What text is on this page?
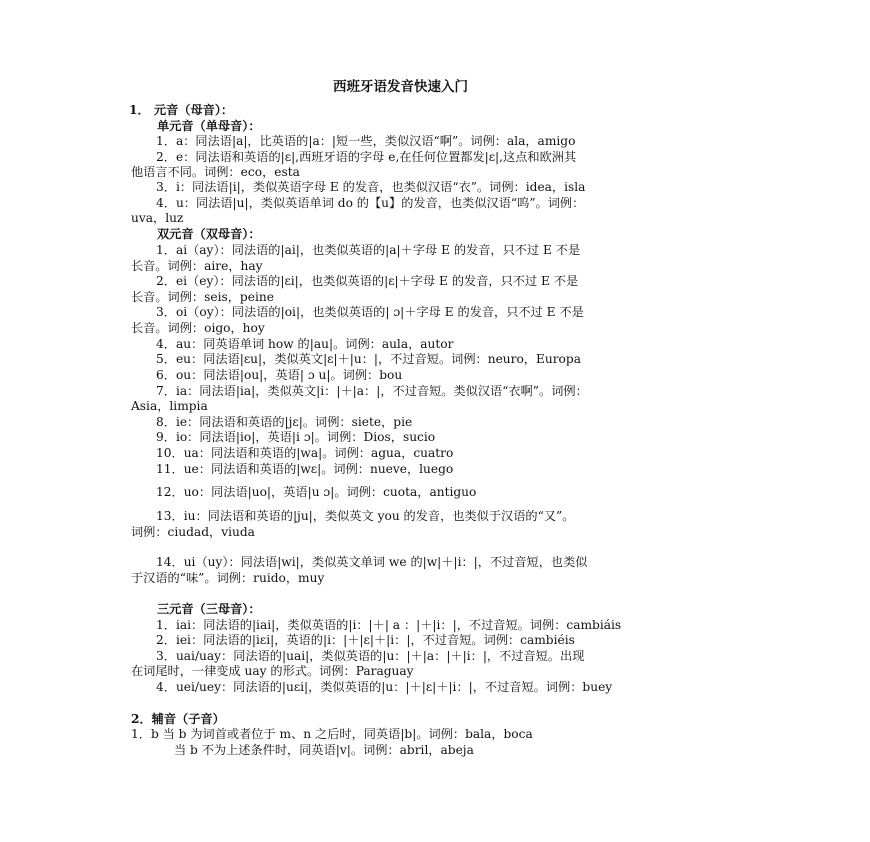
西班牙语发音快速入门
1． 元音（母音）：
单元音（单母音）：
1．a：同法语|a|，比英语的|a：|短一些，类似汉语“啊”。词例：ala，amigo
2．e：同法语和英语的|ε|,西班牙语的字母 e,在任何位置都发|ε|,这点和欧洲其
他语言不同。词例：eco，esta
3．i：同法语|i|，类似英语字母 E 的发音，也类似汉语“衣”。词例：idea，isla
4．u：同法语|u|，类似英语单词 do 的【u】的发音，也类似汉语“呜”。词例：
uva，luz
双元音（双母音）：
1．ai（ay）：同法语的|ai|，也类似英语的|a|＋字母 E 的发音，只不过 E 不是
长音。词例：aire，hay
2．ei（ey）：同法语的|εi|，也类似英语的|ε|＋字母 E 的发音，只不过 E 不是
长音。词例：seis，peine
3．oi（oy）：同法语的|oi|，也类似英语的| ɔ|＋字母 E 的发音，只不过 E 不是
长音。词例：oigo，hoy
4．au：同英语单词 how 的|au|。词例：aula，autor
5．eu：同法语|εu|，类似英文|ε|＋|u：|，不过音短。词例：neuro，Europa
6．ou：同法语|ou|，英语| ɔ u|。词例：bou
7．ia：同法语|ia|，类似英文|i：|＋|a：|，不过音短。类似汉语“衣啊”。词例：
Asia，limpia
8．ie：同法语和英语的|jε|。词例：siete，pie
9．io：同法语|io|，英语|i ɔ|。词例：Dios，sucio
10．ua：同法语和英语的|wa|。词例：agua，cuatro
11．ue：同法语和英语的|wε|。词例：nueve，luego
12．uo：同法语|uo|，英语|u ɔ|。词例：cuota，antiguo
13．iu：同法语和英语的|ju|，类似英文 you 的发音，也类似于汉语的“又”。
词例：ciudad，viuda
14．ui（uy）：同法语|wi|，类似英文单词 we 的|w|＋|i：|，不过音短，也类似
于汉语的“味”。词例：ruido，muy
三元音（三母音）：
1．iai：同法语的|iai|，类似英语的|i：|＋| a ：|＋|i：|，不过音短。词例：cambiáis
2．iei：同法语的|iεi|，英语的|i：|＋|ε|＋|i：|，不过音短。词例：cambiéis
3．uai/uay：同法语的|uai|，类似英语的|u：|＋|a：|＋|i：|，不过音短。出现
在词尾时，一律变成 uay 的形式。词例：Paraguay
4．uei/uey：同法语的|uεi|，类似英语的|u：|＋|ε|＋|i：|，不过音短。词例：buey
2．辅音（子音）
1．b 当 b 为词首或者位于 m、n 之后时，同英语|b|。词例：bala，boca
当 b 不为上述条件时，同英语|v|。词例：abril，abeja
